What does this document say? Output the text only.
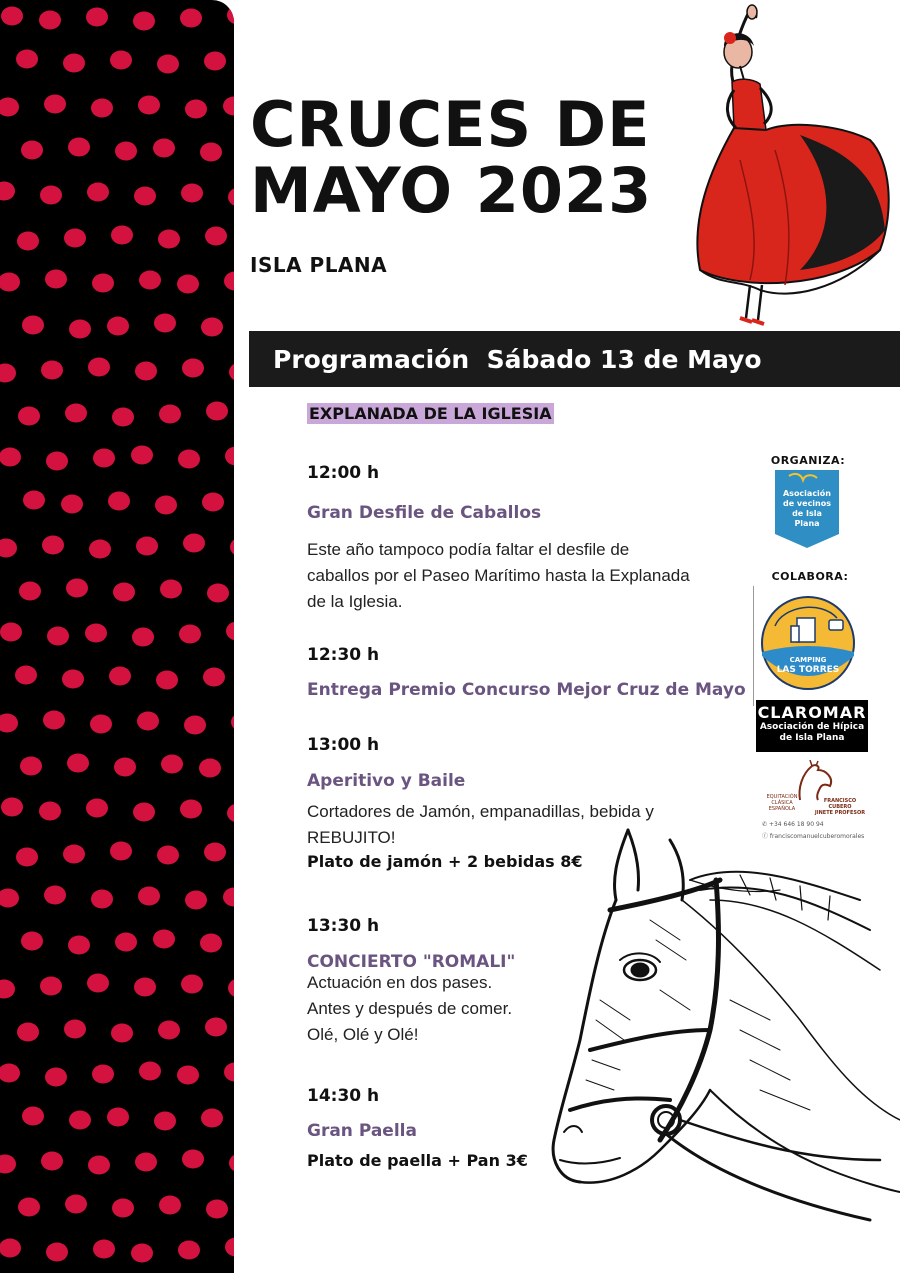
CRUCES DE
MAYO 2023

ISLA PLANA

Programación
Sábado 13 de Mayo
EXPLANADA DE LA IGLESIA
12:00 h
Gran Desfile de Caballos
Este año tampoco podía faltar el desfile de
caballos por el Paseo Marítimo hasta la Explanada
de la Iglesia.
12:30 h
Entrega Premio Concurso Mejor Cruz de Mayo
13:00 h
Aperitivo y Baile
Cortadores de Jamón, empanadillas, bebida y
REBUJITO!
Plato de jamón + 2 bebidas 8€
13:30 h
CONCIERTO "ROMALI"
Actuación en dos pases.
Antes y después de comer.
Olé, Olé y Olé!
14:30 h
Gran Paella
Plato de paella + Pan 3€
ORGANIZA:
Asociación
de vecinos
de Isla
Plana
COLABORA:
CAMPING
LAS TORRES
CLAROMAR
Asociación de Hípica
de Isla Plana
EQUITACIÓN
CLÁSICA
ESPAÑOLA
FRANCISCO CUBERO
JINETE PROFESOR
✆ +34 646 18 90 94
ⓕ franciscomanuelcuberomorales
